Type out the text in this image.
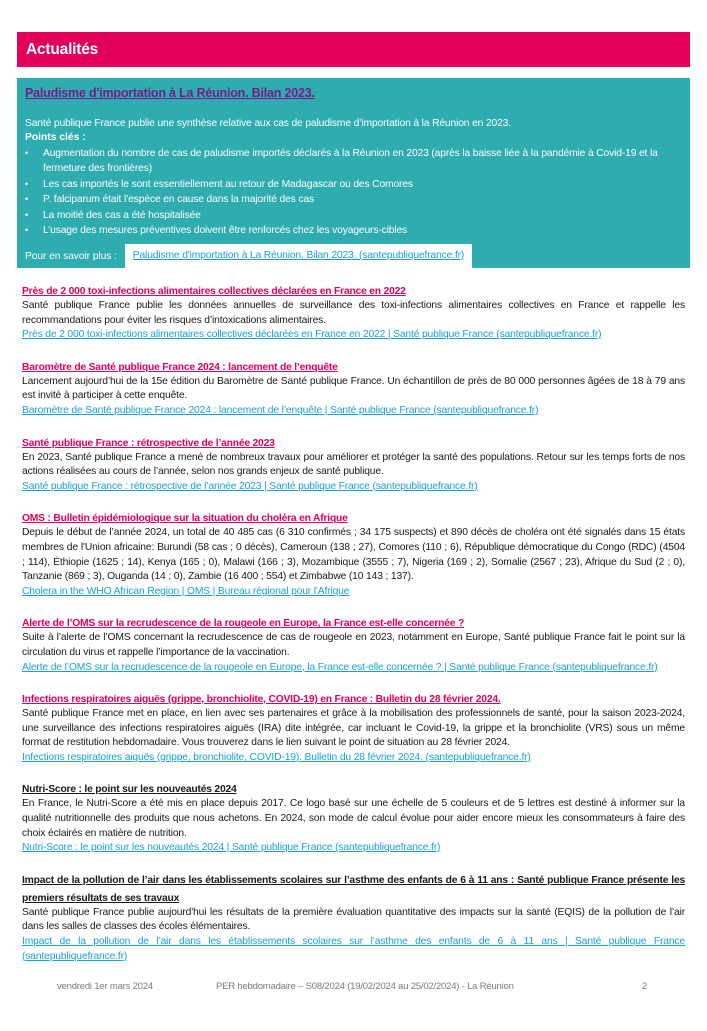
Actualités
Paludisme d'importation à La Réunion. Bilan 2023.
Santé publique France publie une synthèse relative aux cas de paludisme d’importation à la Réunion en 2023.
Points clés :
• Augmentation du nombre de cas de paludisme importés déclarés à la Réunion en 2023 (après la baisse liée à la pandémie à Covid-19 et la fermeture des frontières)
• Les cas importés le sont essentiellement au retour de Madagascar ou des Comores
• P. falciparum était l’espèce en cause dans la majorité des cas
• La moitié des cas a été hospitalisée
• L’usage des mesures préventives doivent être renforcés chez les voyageurs-cibles
Pour en savoir plus :	Paludisme d'importation à La Réunion. Bilan 2023. (santepubliquefrance.fr)
Près de 2 000 toxi-infections alimentaires collectives déclarées en France en 2022
Santé publique France publie les données annuelles de surveillance des toxi-infections alimentaires collectives en France et rappelle les recommandations pour éviter les risques d’intoxications alimentaires.
Près de 2 000 toxi-infections alimentaires collectives déclarées en France en 2022 | Santé publique France (santepubliquefrance.fr)
Baromètre de Santé publique France 2024 : lancement de l’enquête
Lancement aujourd’hui de la 15e édition du Baromètre de Santé publique France. Un échantillon de près de 80 000 personnes âgées de 18 à 79 ans est invité à participer à cette enquête.
Baromètre de Santé publique France 2024 : lancement de l’enquête | Santé publique France (santepubliquefrance.fr)
Santé publique France : rétrospective de l’année 2023
En 2023, Santé publique France a mené de nombreux travaux pour améliorer et protéger la santé des populations. Retour sur les temps forts de nos actions réalisées au cours de l’année, selon nos grands enjeux de santé publique.
Santé publique France : rétrospective de l’année 2023 | Santé publique France (santepubliquefrance.fr)
OMS : Bulletin épidémiologique sur la situation du choléra en Afrique
Depuis le début de l’année 2024, un total de 40 485 cas (6 310 confirmés ; 34 175 suspects) et 890 décès de choléra ont été signalés dans 15 états membres de l'Union africaine: Burundi (58 cas ; 0 décès), Cameroun (138 ; 27), Comores (110 ; 6), République démocratique du Congo (RDC) (4504 ; 114), Éthiopie (1625 ; 14), Kenya (165 ; 0), Malawi (166 ; 3), Mozambique (3555 ; 7), Nigeria (169 ; 2), Somalie (2567 ; 23), Afrique du Sud (2 ; 0), Tanzanie (869 ; 3), Ouganda (14 ; 0), Zambie (16 400 ; 554) et Zimbabwe (10 143 ; 137).
Cholera in the WHO African Region | OMS | Bureau régional pour l'Afrique
Alerte de l’OMS sur la recrudescence de la rougeole en Europe, la France est-elle concernée ?
Suite à l’alerte de l’OMS concernant la recrudescence de cas de rougeole en 2023, notamment en Europe, Santé publique France fait le point sur la circulation du virus et rappelle l’importance de la vaccination.
Alerte de l’OMS sur la recrudescence de la rougeole en Europe, la France est-elle concernée ? | Santé publique France (santepubliquefrance.fr)
Infections respiratoires aiguës (grippe, bronchiolite, COVID-19) en France : Bulletin du 28 février 2024.
Santé publique France met en place, en lien avec ses partenaires et grâce à la mobilisation des professionnels de santé, pour la saison 2023-2024, une surveillance des infections respiratoires aiguës (IRA) dite intégrée, car incluant le Covid-19, la grippe et la bronchiolite (VRS) sous un même format de restitution hebdomadaire. Vous trouverez dans le lien suivant le point de situation au 28 février 2024.
Infections respiratoires aiguës (grippe, bronchiolite, COVID-19). Bulletin du 28 février 2024. (santepubliquefrance.fr)
Nutri-Score : le point sur les nouveautés 2024
En France, le Nutri-Score a été mis en place depuis 2017. Ce logo basé sur une échelle de 5 couleurs et de 5 lettres est destiné à informer sur la qualité nutritionnelle des produits que nous achetons. En 2024, son mode de calcul évolue pour aider encore mieux les consommateurs à faire des choix éclairés en matière de nutrition.
Nutri-Score : le point sur les nouveautés 2024 | Santé publique France (santepubliquefrance.fr)
Impact de la pollution de l’air dans les établissements scolaires sur l’asthme des enfants de 6 à 11 ans : Santé publique France présente les premiers résultats de ses travaux
Santé publique France publie aujourd'hui les résultats de la première évaluation quantitative des impacts sur la santé (EQIS) de la pollution de l’air dans les salles de classes des écoles élémentaires.
Impact de la pollution de l’air dans les établissements scolaires sur l’asthme des enfants de 6 à 11 ans | Santé publique France (santepubliquefrance.fr)
vendredi 1er mars 2024	PER hebdomadaire – S08/2024 (19/02/2024 au 25/02/2024) - La Réunion	2
